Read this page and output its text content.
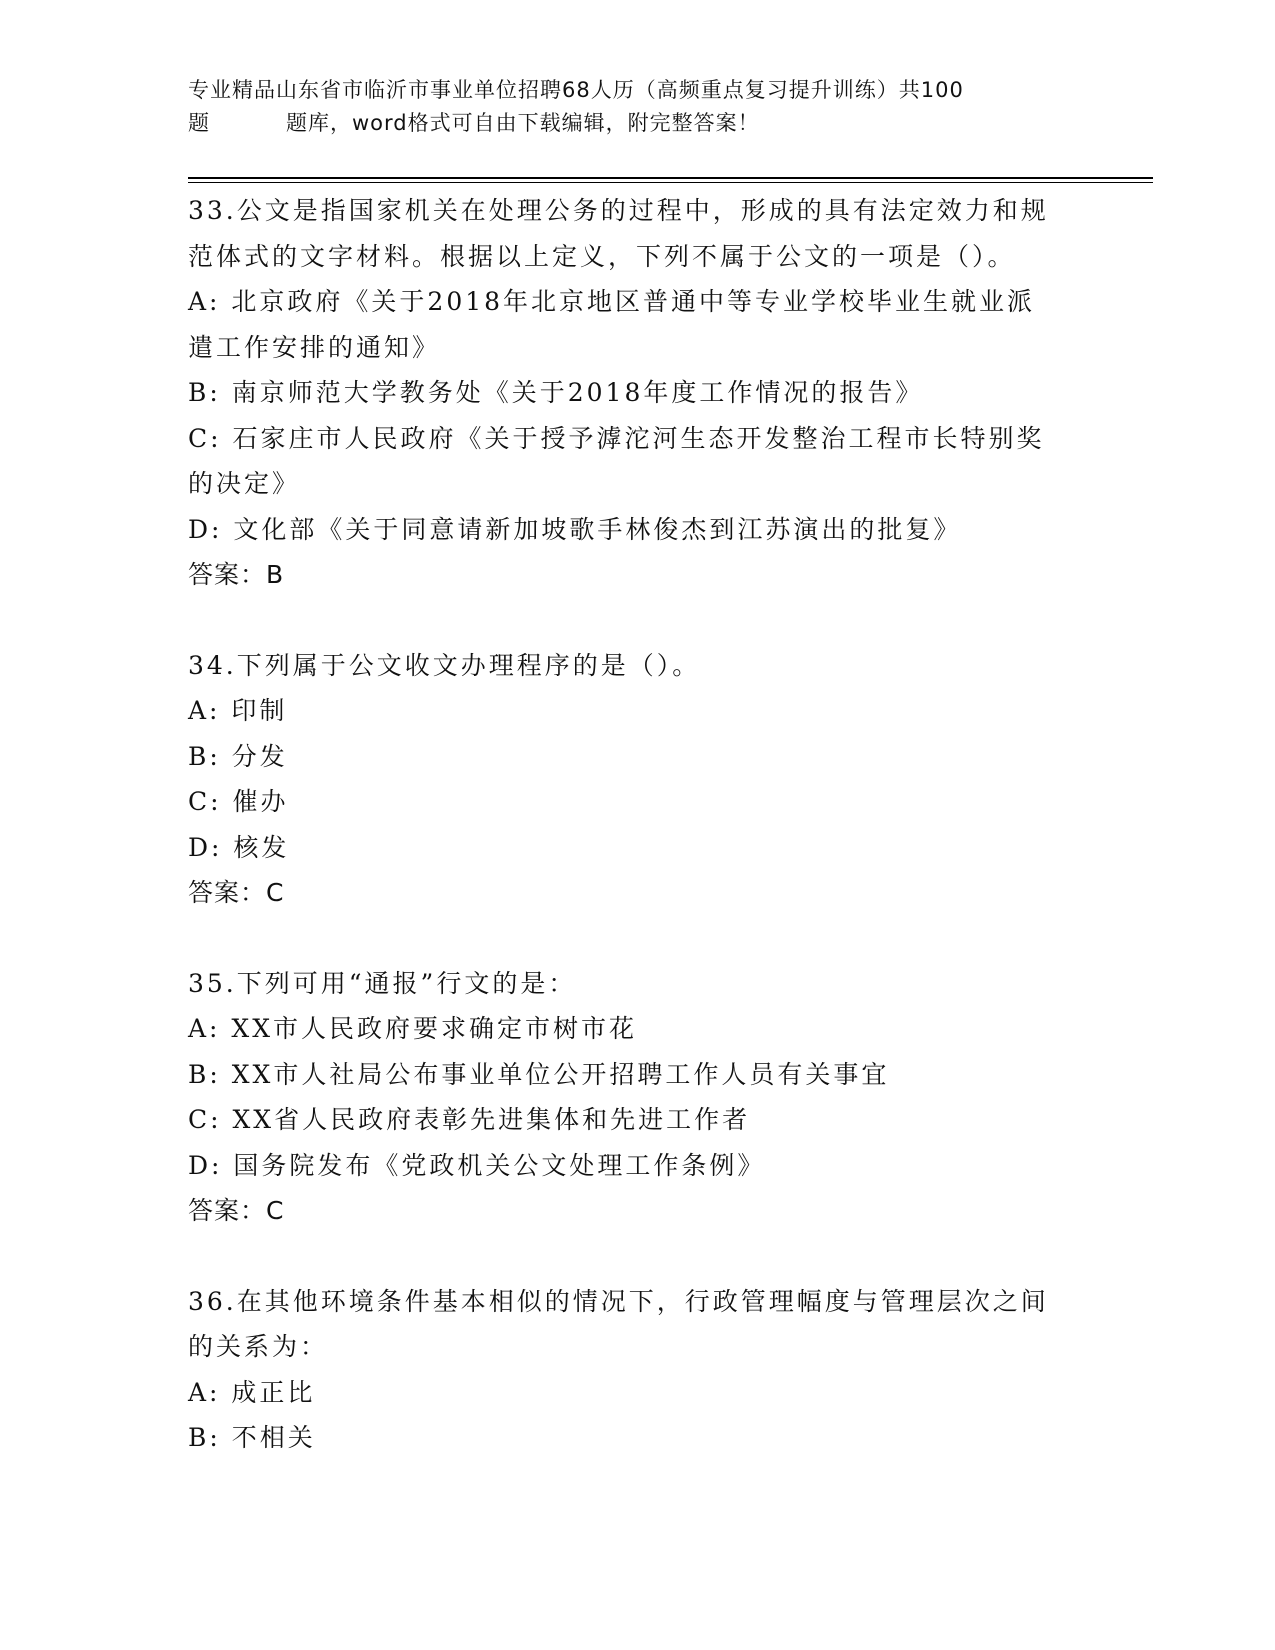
专业精品山东省市临沂市事业单位招聘68人历（高频重点复习提升训练）共100
题	题库，word格式可自由下载编辑，附完整答案！
33.公文是指国家机关在处理公务的过程中，形成的具有法定效力和规
范体式的文字材料。根据以上定义，下列不属于公文的一项是（）。
A: 北京政府《关于2018年北京地区普通中等专业学校毕业生就业派
遣工作安排的通知》
B: 南京师范大学教务处《关于2018年度工作情况的报告》
C: 石家庄市人民政府《关于授予滹沱河生态开发整治工程市长特别奖
的决定》
D: 文化部《关于同意请新加坡歌手林俊杰到江苏演出的批复》
答案：B
34.下列属于公文收文办理程序的是（）。
A: 印制
B: 分发
C: 催办
D: 核发
答案：C
35.下列可用“通报”行文的是：
A: XX市人民政府要求确定市树市花
B: XX市人社局公布事业单位公开招聘工作人员有关事宜
C: XX省人民政府表彰先进集体和先进工作者
D: 国务院发布《党政机关公文处理工作条例》
答案：C
36.在其他环境条件基本相似的情况下，行政管理幅度与管理层次之间
的关系为：
A: 成正比
B: 不相关
